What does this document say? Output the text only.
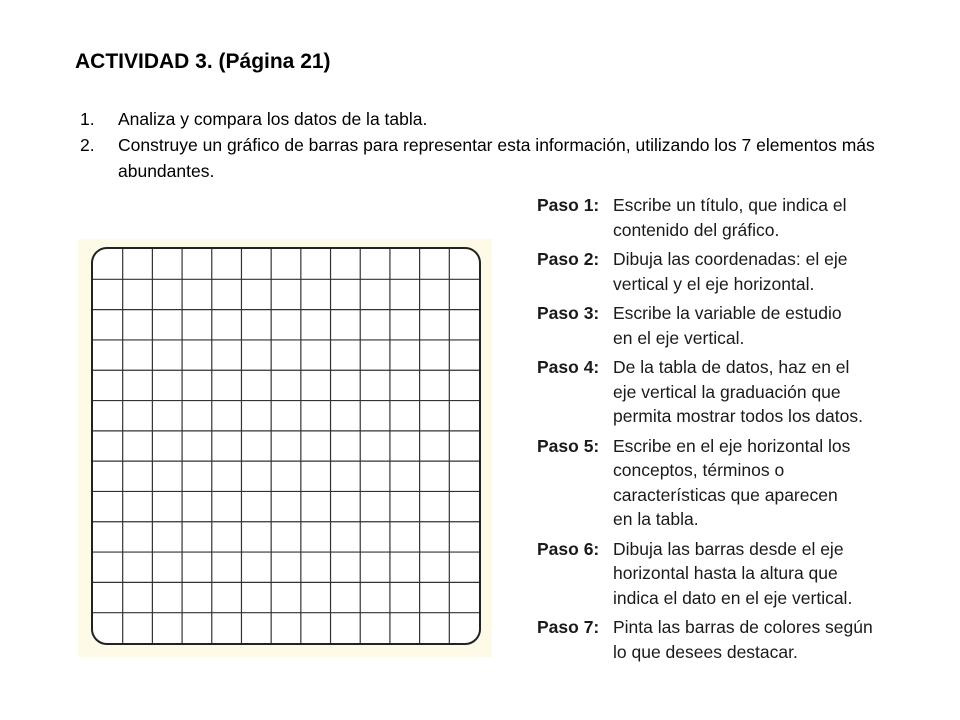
ACTIVIDAD 3. (Página 21)
1. Analiza y compara los datos de la tabla.
2. Construye un gráfico de barras para representar esta información, utilizando los 7 elementos más abundantes.
Paso 1: Escribe un título, que indica el
contenido del gráfico.
Paso 2: Dibuja las coordenadas: el eje
vertical y el eje horizontal.
Paso 3: Escribe la variable de estudio
en el eje vertical.
Paso 4: De la tabla de datos, haz en el
eje vertical la graduación que
permita mostrar todos los datos.
Paso 5: Escribe en el eje horizontal los
conceptos, términos o
características que aparecen
en la tabla.
Paso 6: Dibuja las barras desde el eje
horizontal hasta la altura que
indica el dato en el eje vertical.
Paso 7: Pinta las barras de colores según
lo que desees destacar.
